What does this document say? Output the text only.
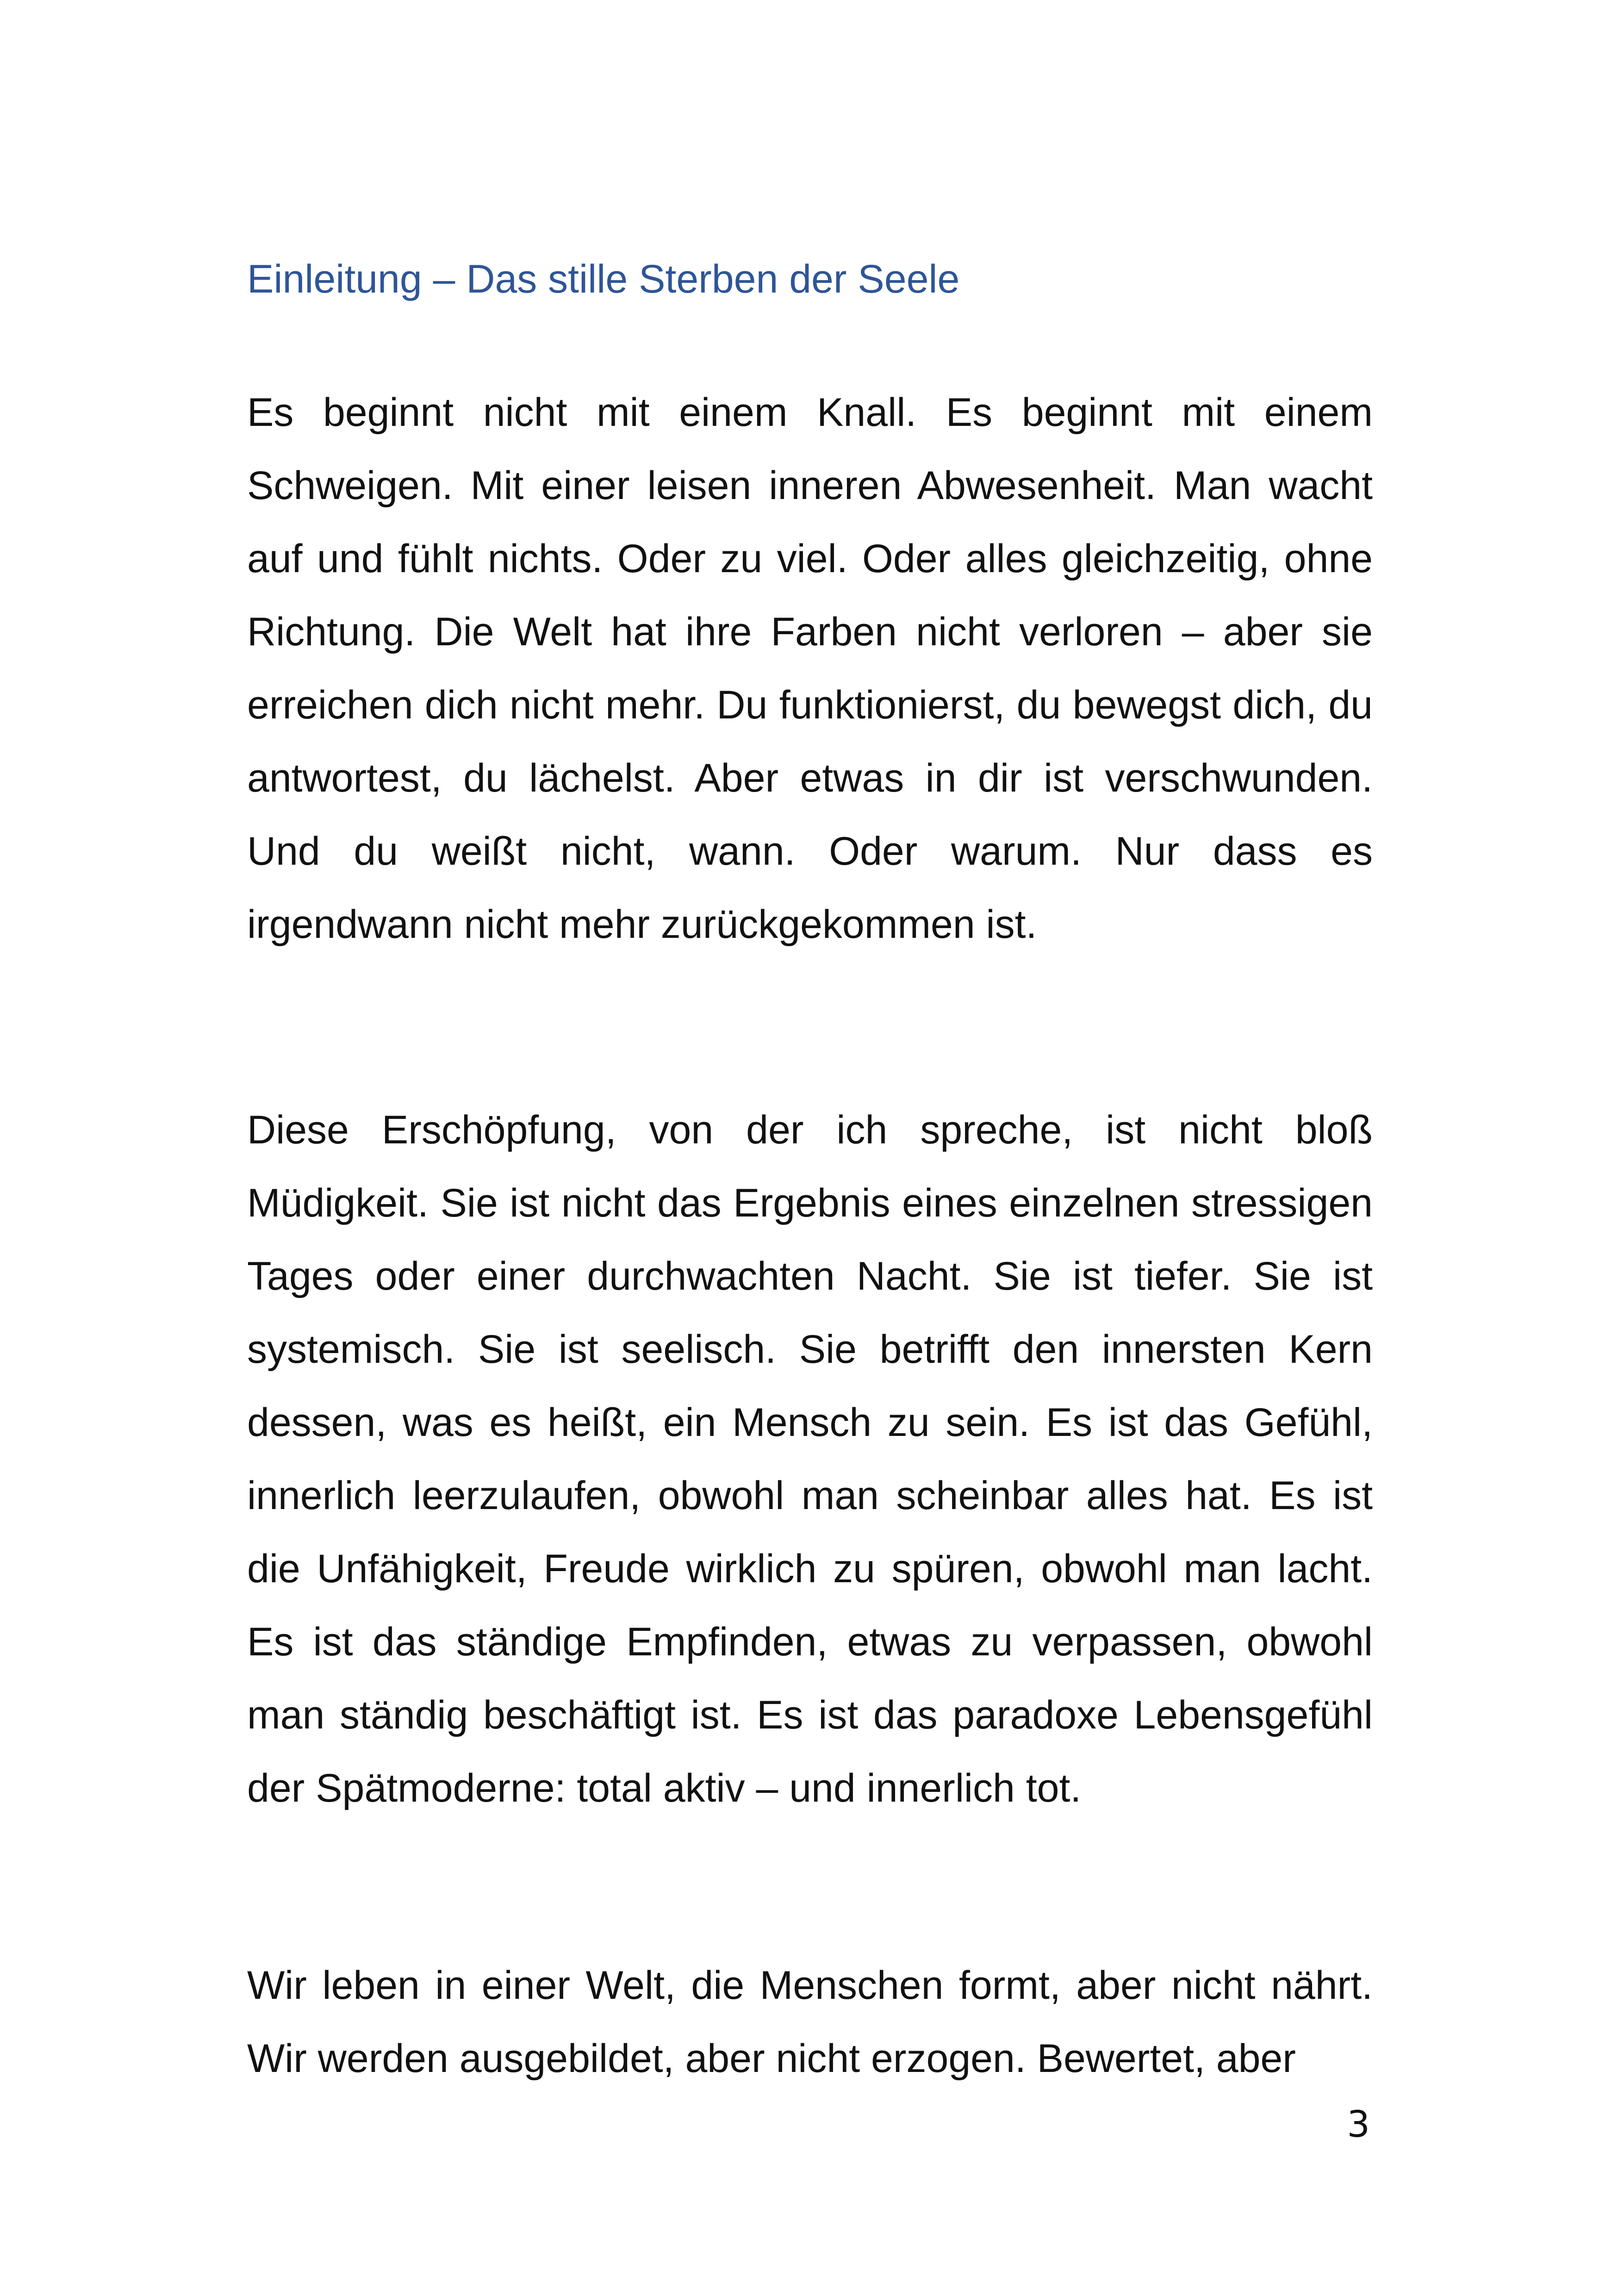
Einleitung – Das stille Sterben der Seele

Es beginnt nicht mit einem Knall. Es beginnt mit einem Schweigen. Mit einer leisen inneren Abwesenheit. Man wacht auf und fühlt nichts. Oder zu viel. Oder alles gleichzeitig, ohne Richtung. Die Welt hat ihre Farben nicht verloren – aber sie erreichen dich nicht mehr. Du funktionierst, du bewegst dich, du antwortest, du lächelst. Aber etwas in dir ist verschwunden. Und du weißt nicht, wann. Oder warum. Nur dass es irgendwann nicht mehr zurückgekommen ist.

Diese Erschöpfung, von der ich spreche, ist nicht bloß Müdigkeit. Sie ist nicht das Ergebnis eines einzelnen stressigen Tages oder einer durchwachten Nacht. Sie ist tiefer. Sie ist systemisch. Sie ist seelisch. Sie betrifft den innersten Kern dessen, was es heißt, ein Mensch zu sein. Es ist das Gefühl, innerlich leerzulaufen, obwohl man scheinbar alles hat. Es ist die Unfähigkeit, Freude wirklich zu spüren, obwohl man lacht. Es ist das ständige Empfinden, etwas zu verpassen, obwohl man ständig beschäftigt ist. Es ist das paradoxe Lebensgefühl der Spätmoderne: total aktiv – und innerlich tot.

Wir leben in einer Welt, die Menschen formt, aber nicht nährt. Wir werden ausgebildet, aber nicht erzogen. Bewertet, aber

3
